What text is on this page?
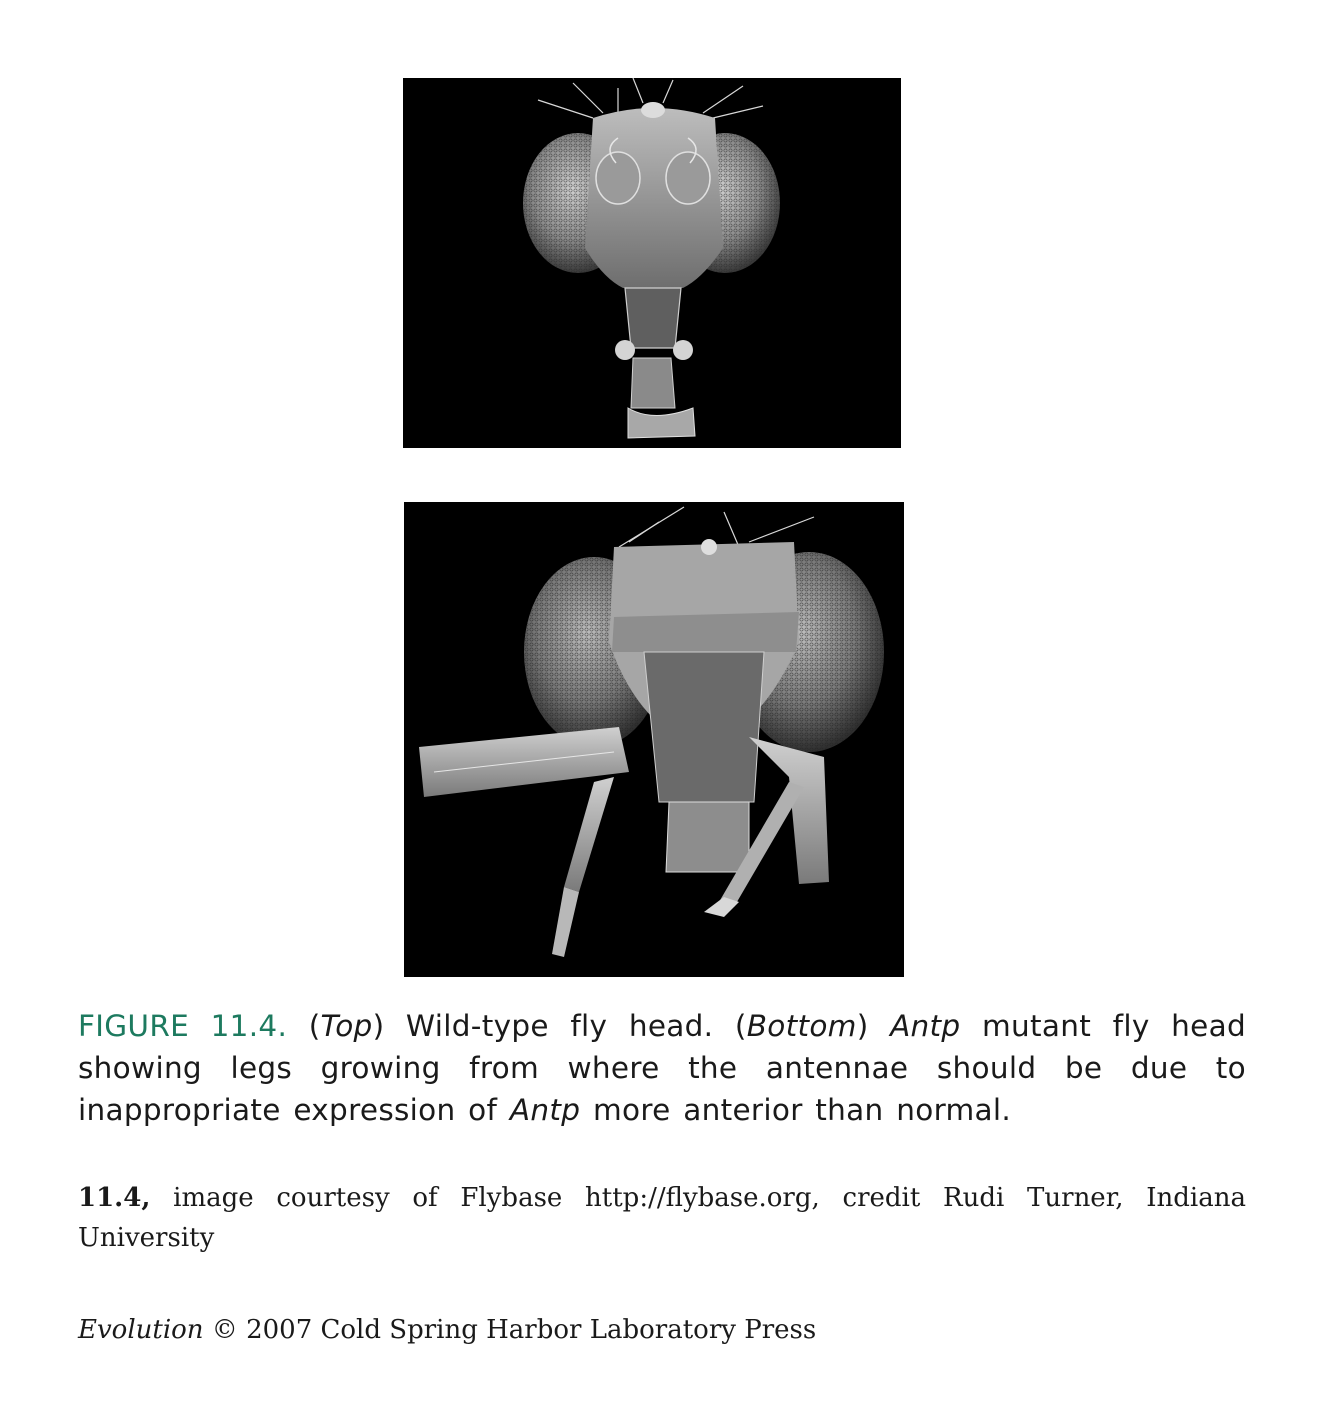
FIGURE 11.4. (Top) Wild-type fly head. (Bottom) Antp mutant fly head showing legs growing from where the antennae should be due to inappropriate expression of Antp more anterior than normal.
11.4, image courtesy of Flybase http://flybase.org, credit Rudi Turner, Indiana University
Evolution © 2007 Cold Spring Harbor Laboratory Press
